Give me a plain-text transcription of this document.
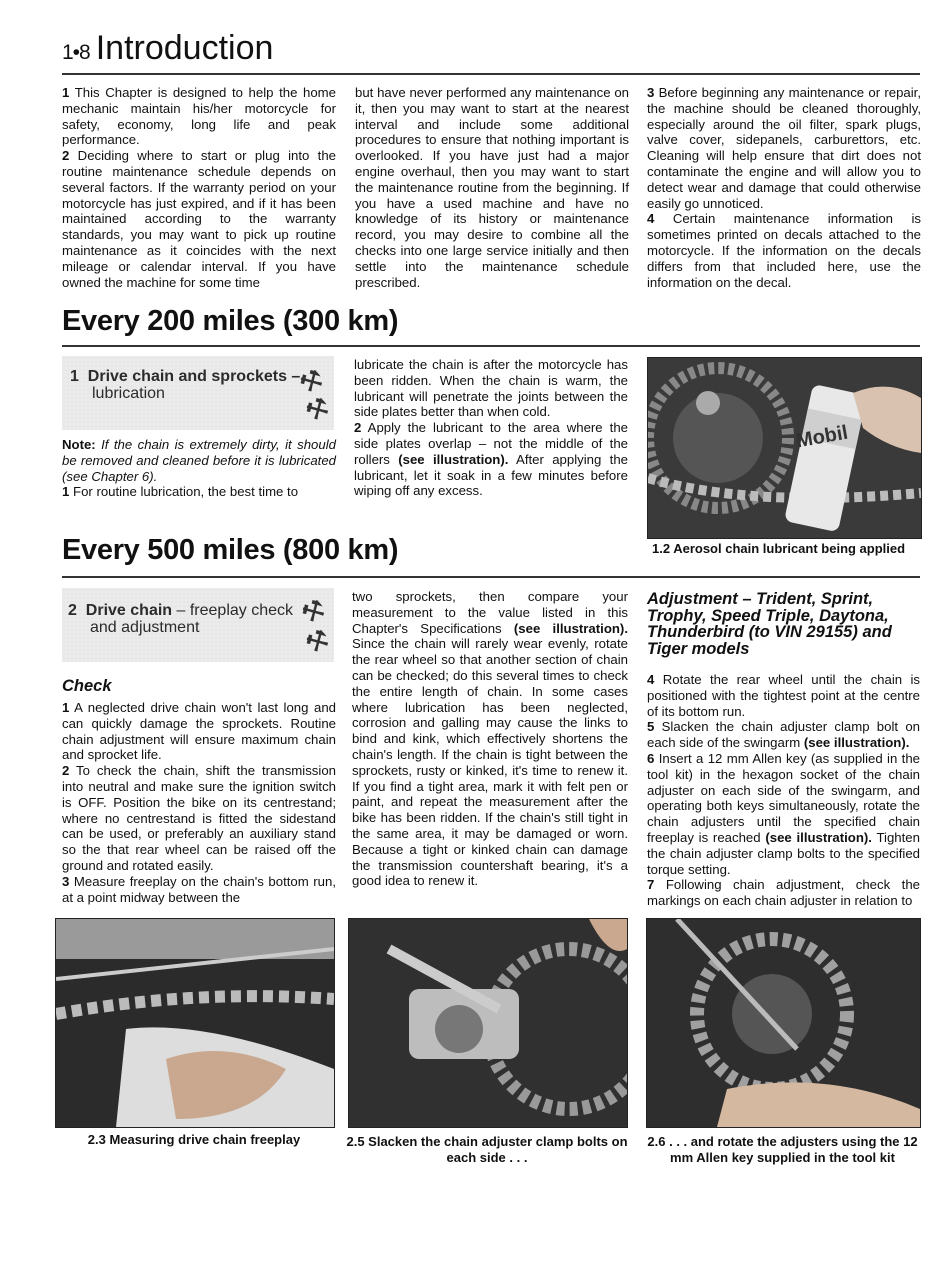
1•8 Introduction

1 This Chapter is designed to help the home mechanic maintain his/her motorcycle for safety, economy, long life and peak performance.

2 Deciding where to start or plug into the routine maintenance schedule depends on several factors. If the warranty period on your motorcycle has just expired, and if it has been maintained according to the warranty standards, you may want to pick up routine maintenance as it coincides with the next mileage or calendar interval. If you have owned the machine for some time

but have never performed any maintenance on it, then you may want to start at the nearest interval and include some additional procedures to ensure that nothing important is overlooked. If you have just had a major engine overhaul, then you may want to start the maintenance routine from the beginning. If you have a used machine and have no knowledge of its history or maintenance record, you may desire to combine all the checks into one large service initially and then settle into the maintenance schedule prescribed.

3 Before beginning any maintenance or repair, the machine should be cleaned thoroughly, especially around the oil filter, spark plugs, valve cover, sidepanels, carburettors, etc. Cleaning will help ensure that dirt does not contaminate the engine and will allow you to detect wear and damage that could otherwise easily go unnoticed.

4 Certain maintenance information is sometimes printed on decals attached to the motorcycle. If the information on the decals differs from that included here, use the information on the decal.

Every 200 miles (300 km)
1 Drive chain and sprockets –
lubrication	⚒
⚒

Note: If the chain is extremely dirty, it should be removed and cleaned before it is lubricated (see Chapter 6).

1 For routine lubrication, the best time to

lubricate the chain is after the motorcycle has been ridden. When the chain is warm, the lubricant will penetrate the joints between the side plates better than when cold.

2 Apply the lubricant to the area where the side plates overlap – not the middle of the rollers (see illustration). After applying the lubricant, let it soak in a few minutes before wiping off any excess.

Mobil
Every 500 miles (800 km)	1.2 Aerosol chain lubricant being applied
2 Drive chain – freeplay check
and adjustment	⚒
⚒
Check

1 A neglected drive chain won't last long and can quickly damage the sprockets. Routine chain adjustment will ensure maximum chain and sprocket life.

2 To check the chain, shift the transmission into neutral and make sure the ignition switch is OFF. Position the bike on its centrestand; where no centrestand is fitted the sidestand can be used, or preferably an auxiliary stand so the that rear wheel can be raised off the ground and rotated easily.

3 Measure freeplay on the chain's bottom run, at a point midway between the

two sprockets, then compare your measurement to the value listed in this Chapter's Specifications (see illustration). Since the chain will rarely wear evenly, rotate the rear wheel so that another section of chain can be checked; do this several times to check the entire length of chain. In some cases where lubrication has been neglected, corrosion and galling may cause the links to bind and kink, which effectively shortens the chain's length. If the chain is tight between the sprockets, rusty or kinked, it's time to renew it. If you find a tight area, mark it with felt pen or paint, and repeat the measurement after the bike has been ridden. If the chain's still tight in the same area, it may be damaged or worn. Because a tight or kinked chain can damage the transmission countershaft bearing, it's a good idea to renew it.

Adjustment – Trident, Sprint, Trophy, Speed Triple, Daytona, Thunderbird (to VIN 29155) and Tiger models

4 Rotate the rear wheel until the chain is positioned with the tightest point at the centre of its bottom run.

5 Slacken the chain adjuster clamp bolt on each side of the swingarm (see illustration).

6 Insert a 12 mm Allen key (as supplied in the tool kit) in the hexagon socket of the chain adjuster on each side of the swingarm, and operating both keys simultaneously, rotate the chain adjusters until the specified chain freeplay is reached (see illustration). Tighten the chain adjuster clamp bolts to the specified torque setting.

7 Following chain adjustment, check the markings on each chain adjuster in relation to

2.3 Measuring drive chain freeplay	2.5 Slacken the chain adjuster clamp bolts on each side . . .
2.6 . . . and rotate the adjusters using the 12 mm Allen key supplied in the tool kit
